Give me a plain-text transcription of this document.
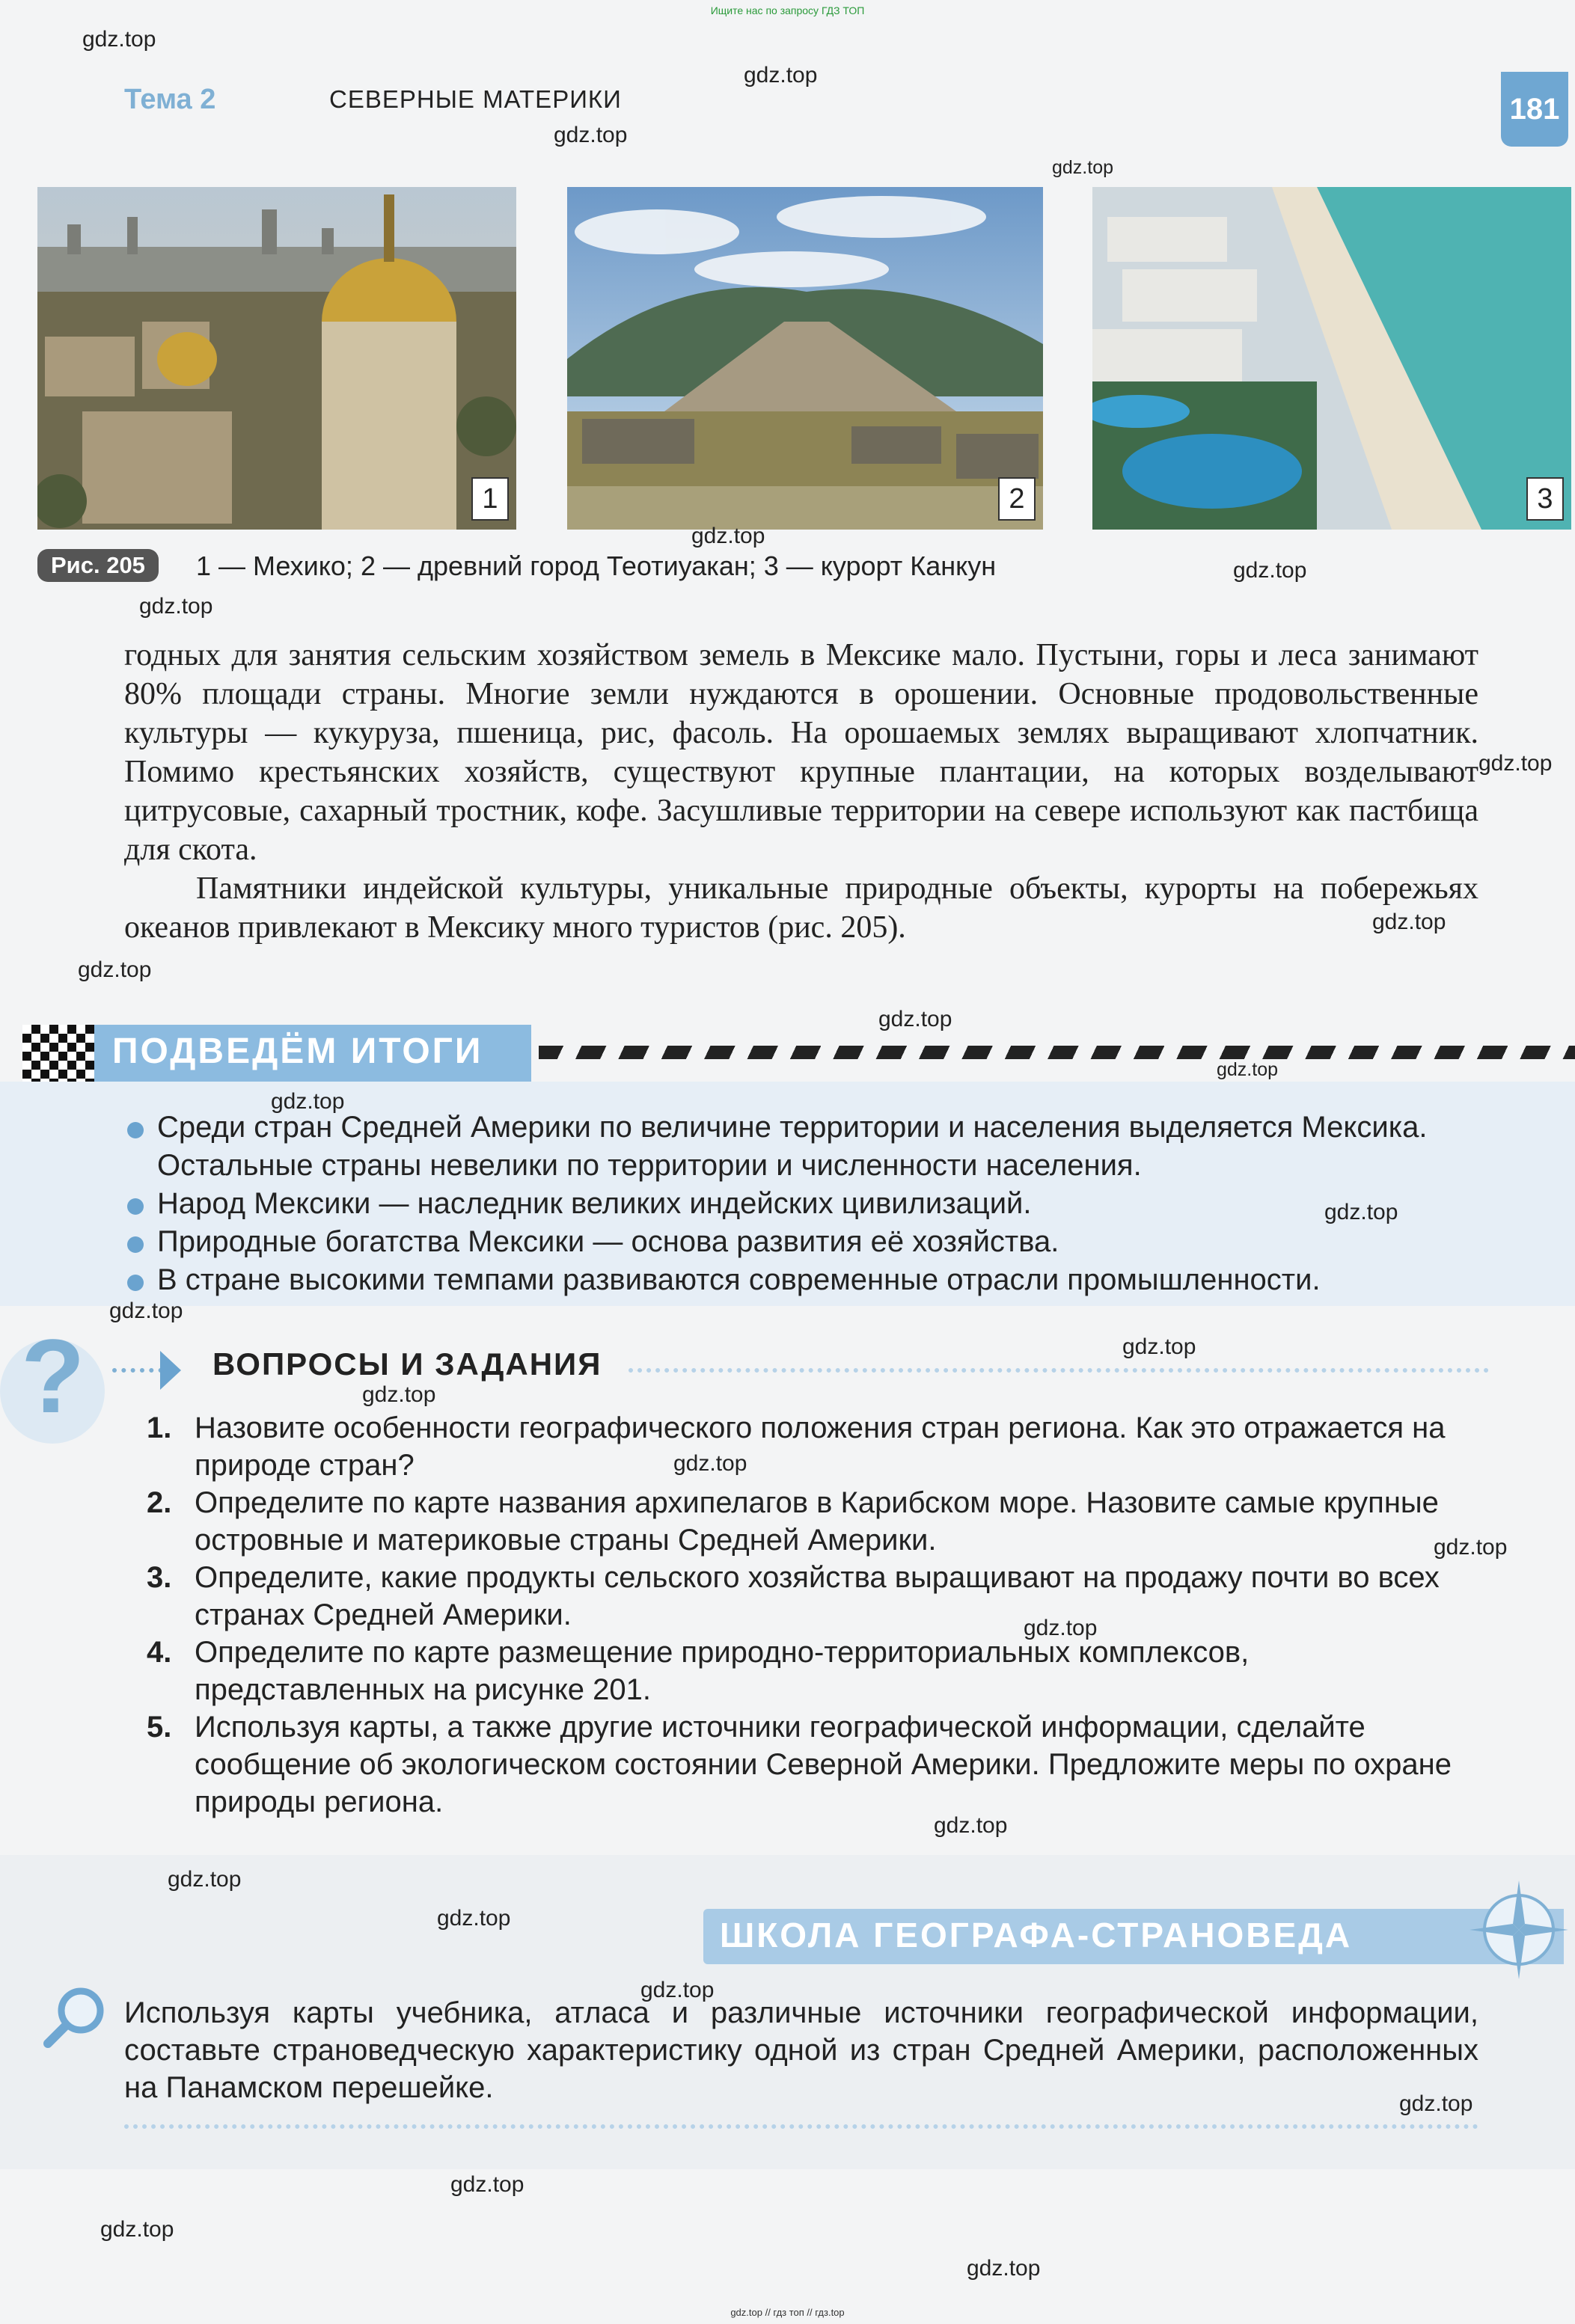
Ищите нас по запросу ГДЗ ТОП
Тема 2	СЕВЕРНЫЕ МАТЕРИКИ	181
1	2	3
Рис. 205	1 — Мехико; 2 — древний город Теотиуакан; 3 — курорт Канкун

годных для занятия сельским хозяйством земель в Мексике мало. Пустыни, горы и леса занимают 80% площади страны. Многие земли нуждаются в орошении. Основные продовольственные культуры — кукуруза, пшеница, рис, фасоль. На орошаемых землях выращивают хлопчатник. Помимо крестьянских хозяйств, существуют крупные плантации, на которых возделывают цитрусовые, сахарный тростник, кофе. Засушливые территории на севере используют как пастбища для скота.

Памятники индейской культуры, уникальные природные объекты, курорты на побережьях океанов привлекают в Мексику много туристов (рис. 205).

ПОДВЕДЁМ ИТОГИ
Среди стран Средней Америки по величине территории и населения выделяется Мексика. Остальные страны невелики по территории и численности населения.
Народ Мексики — наследник великих индейских цивилизаций.
Природные богатства Мексики — основа развития её хозяйства.
В стране высокими темпами развиваются современные отрасли промышленности.
?	ВОПРОСЫ И ЗАДАНИЯ
1. Назовите особенности географического положения стран региона. Как это отражается на природе стран?
2. Определите по карте названия архипелагов в Карибском море. Назовите самые крупные островные и материковые страны Средней Америки.
3. Определите, какие продукты сельского хозяйства выращивают на продажу почти во всех странах Средней Америки.
4. Определите по карте размещение природно-территориальных комплексов, представленных на рисунке 201.
5. Используя карты, а также другие источники географической информации, сделайте сообщение об экологическом состоянии Северной Америки. Предложите меры по охране природы региона.
ШКОЛА ГЕОГРАФА-СТРАНОВЕДА
Используя карты учебника, атласа и различные источники географической информации, составьте страноведческую характеристику одной из стран Средней Америки, расположенных на Панамском перешейке.
gdz.top
gdz.top
gdz.top
gdz.top
gdz.top
gdz.top
gdz.top
gdz.top
gdz.top
gdz.top
gdz.top
gdz.top
gdz.top
gdz.top
gdz.top
gdz.top
gdz.top
gdz.top
gdz.top
gdz.top
gdz.top
gdz.top
gdz.top
gdz.top
gdz.top
gdz.top
gdz.top
gdz.top
gdz.top // гдз топ // гдз.top
